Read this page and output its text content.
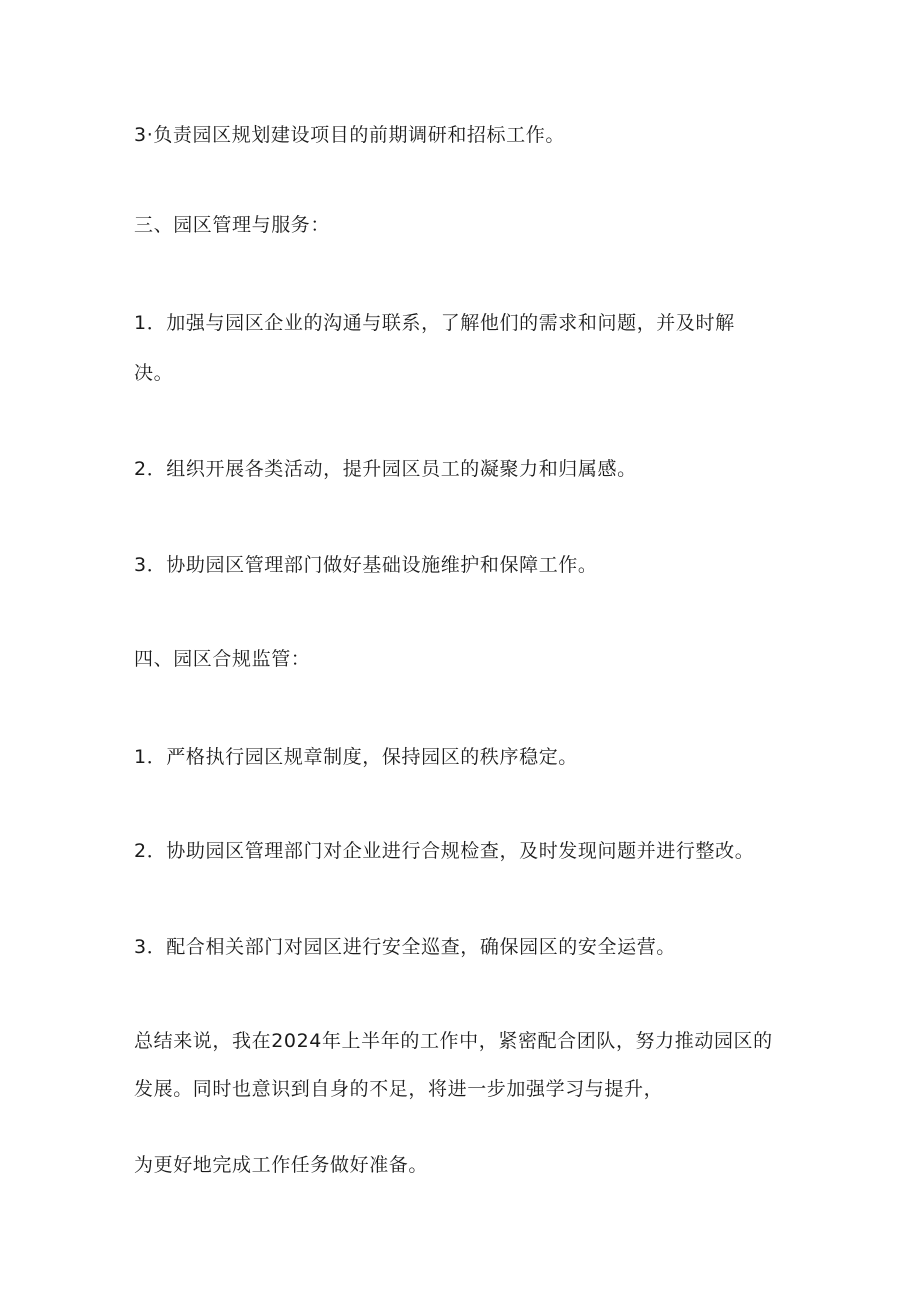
3·负责园区规划建设项目的前期调研和招标工作。

三、园区管理与服务：

1．加强与园区企业的沟通与联系，了解他们的需求和问题，并及时解

决。

2．组织开展各类活动，提升园区员工的凝聚力和归属感。

3．协助园区管理部门做好基础设施维护和保障工作。

四、园区合规监管：

1．严格执行园区规章制度，保持园区的秩序稳定。

2．协助园区管理部门对企业进行合规检查，及时发现问题并进行整改。

3．配合相关部门对园区进行安全巡查，确保园区的安全运营。

总结来说，我在2024年上半年的工作中，紧密配合团队，努力推动园区的

发展。同时也意识到自身的不足，将进一步加强学习与提升，

为更好地完成工作任务做好准备。
